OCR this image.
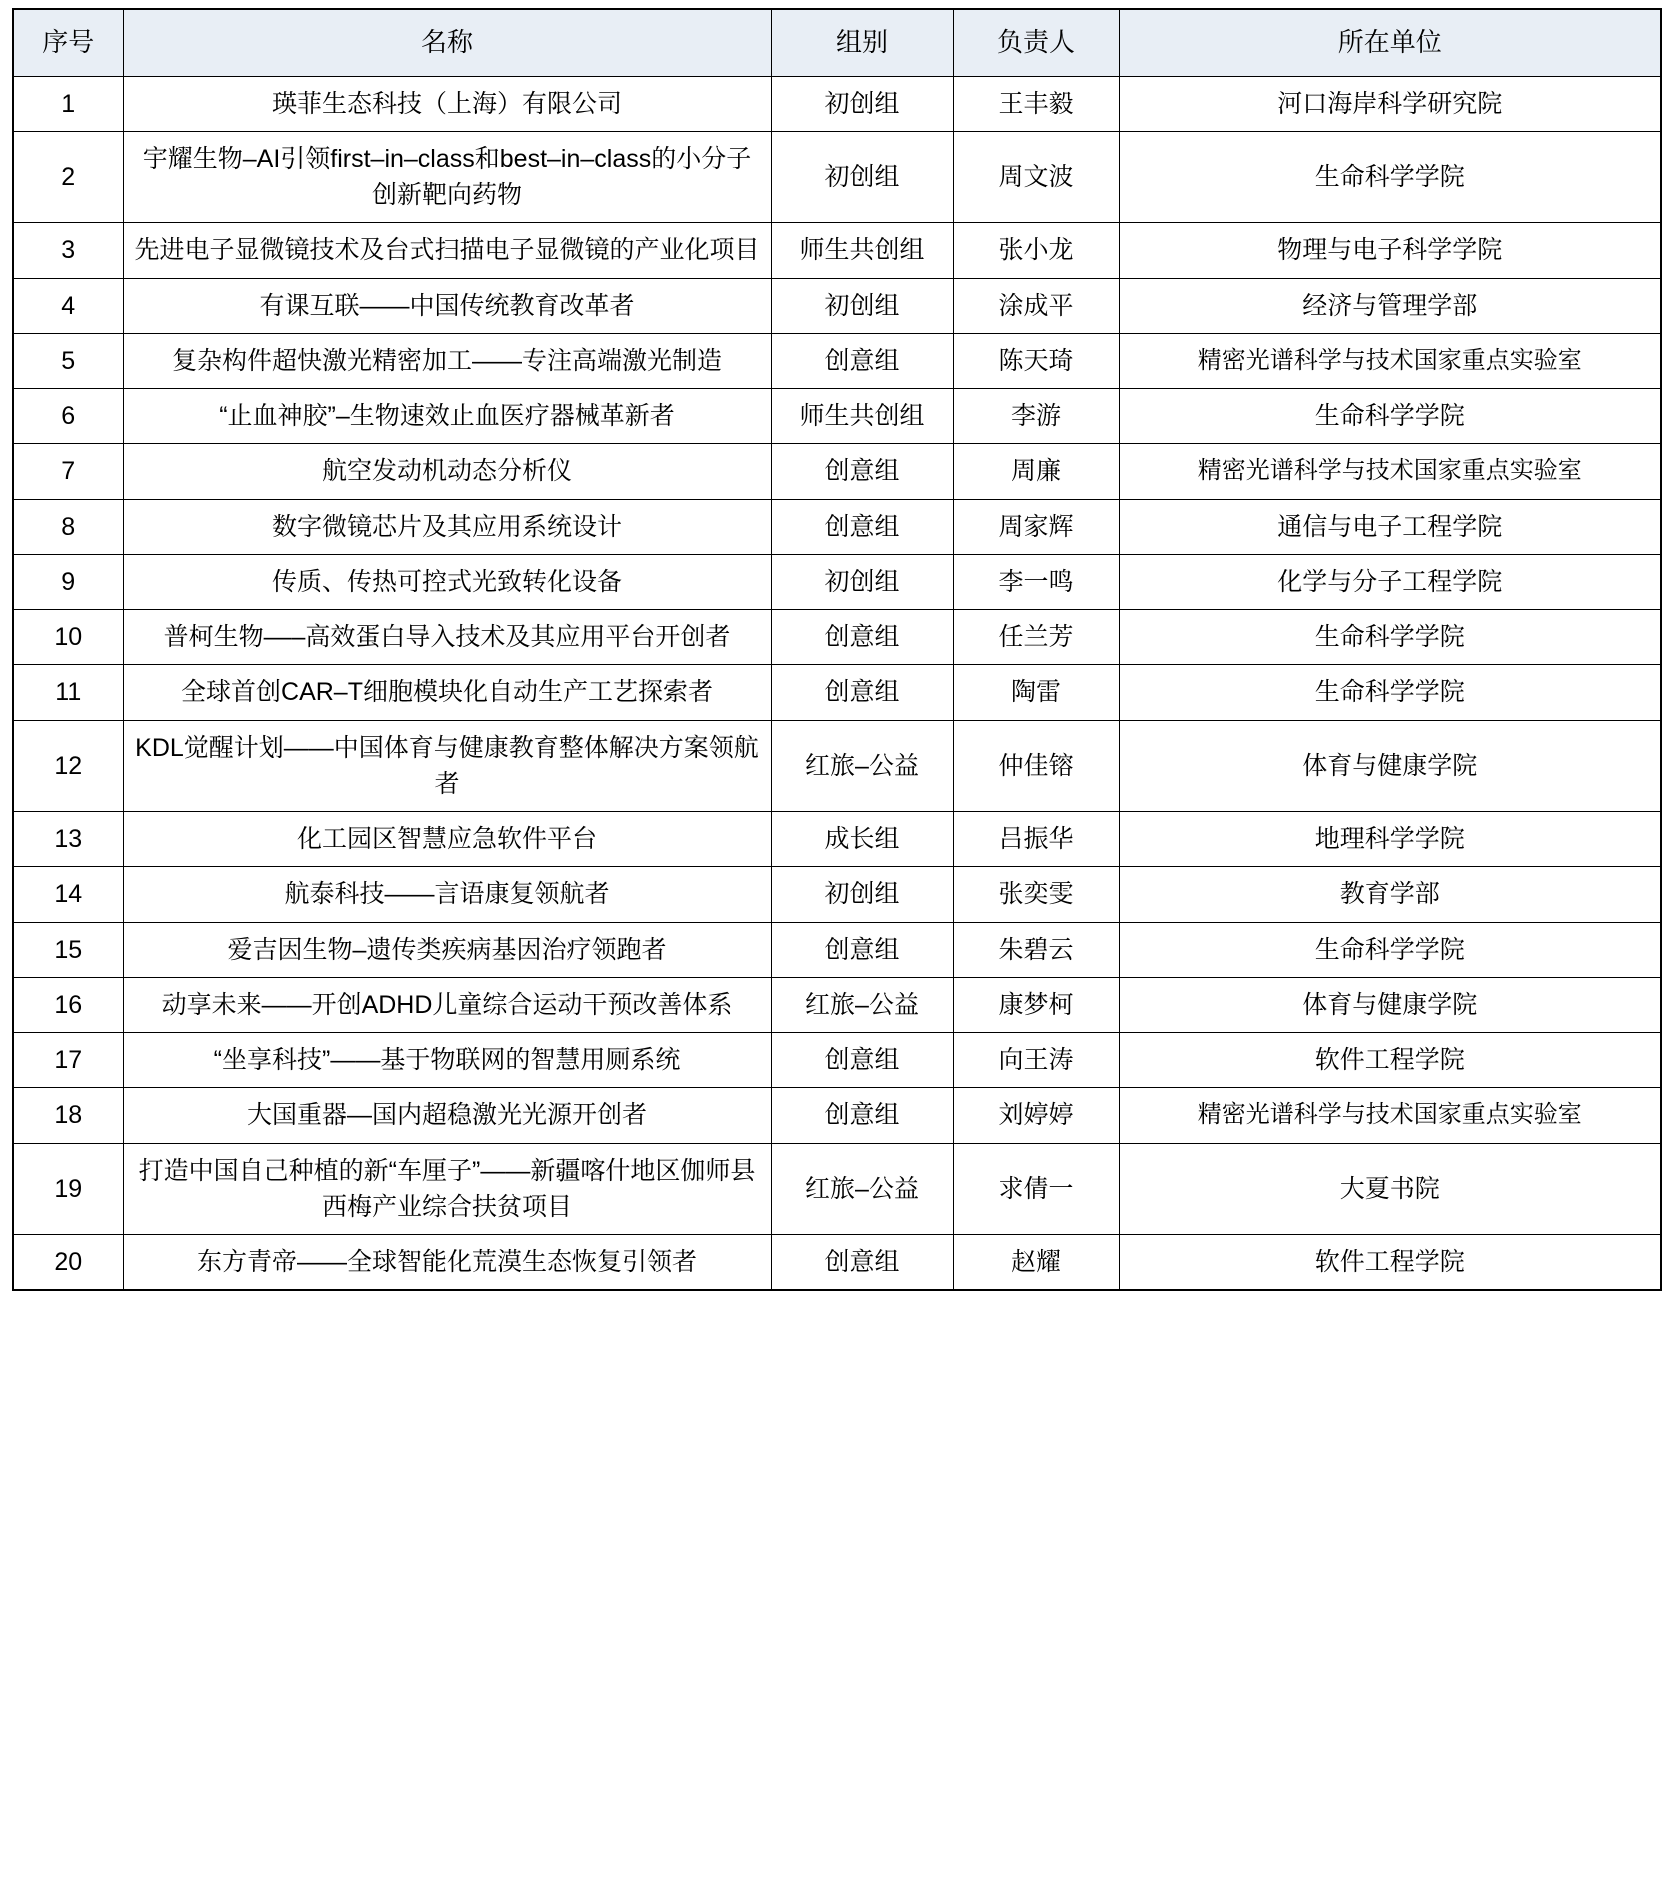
序号	名称	组别	负责人	所在单位
1	瑛菲生态科技（上海）有限公司	初创组	王丰毅	河口海岸科学研究院
2	宇耀生物–AI引领first–in–class和best–in–class的小分子创新靶向药物	初创组	周文波	生命科学学院
3	先进电子显微镜技术及台式扫描电子显微镜的产业化项目	师生共创组	张小龙	物理与电子科学学院
4	有课互联——中国传统教育改革者	初创组	涂成平	经济与管理学部
5	复杂构件超快激光精密加工——专注高端激光制造	创意组	陈天琦	精密光谱科学与技术国家重点实验室
6	“止血神胶”–生物速效止血医疗器械革新者	师生共创组	李游	生命科学学院
7	航空发动机动态分析仪	创意组	周廉	精密光谱科学与技术国家重点实验室
8	数字微镜芯片及其应用系统设计	创意组	周家辉	通信与电子工程学院
9	传质、传热可控式光致转化设备	初创组	李一鸣	化学与分子工程学院
10	普柯生物–––高效蛋白导入技术及其应用平台开创者	创意组	任兰芳	生命科学学院
11	全球首创CAR–T细胞模块化自动生产工艺探索者	创意组	陶雷	生命科学学院
12	KDL觉醒计划——中国体育与健康教育整体解决方案领航者	红旅–公益	仲佳镕	体育与健康学院
13	化工园区智慧应急软件平台	成长组	吕振华	地理科学学院
14	航泰科技——言语康复领航者	初创组	张奕雯	教育学部
15	爱吉因生物–遗传类疾病基因治疗领跑者	创意组	朱碧云	生命科学学院
16	动享未来——开创ADHD儿童综合运动干预改善体系	红旅–公益	康梦柯	体育与健康学院
17	“坐享科技”——基于物联网的智慧用厕系统	创意组	向王涛	软件工程学院
18	大国重器—国内超稳激光光源开创者	创意组	刘婷婷	精密光谱科学与技术国家重点实验室
19	打造中国自己种植的新“车厘子”——新疆喀什地区伽师县西梅产业综合扶贫项目	红旅–公益	求倩一	大夏书院
20	东方青帝——全球智能化荒漠生态恢复引领者	创意组	赵耀	软件工程学院
